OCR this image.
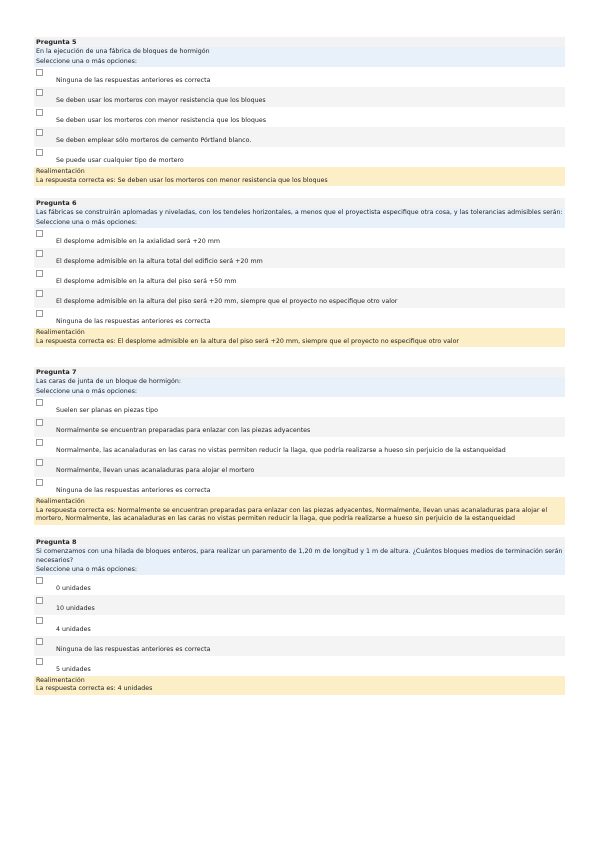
Pregunta 5
En la ejecución de una fábrica de bloques de hormigón
Seleccione una o más opciones:
Ninguna de las respuestas anteriores es correcta
Se deben usar los morteros con mayor resistencia que los bloques
Se deben usar los morteros con menor resistencia que los bloques
Se deben emplear sólo morteros de cemento Pórtland blanco.
Se puede usar cualquier tipo de mortero
Realimentación
La respuesta correcta es: Se deben usar los morteros con menor resistencia que los bloques
Pregunta 6
Las fábricas se construirán aplomadas y niveladas, con los tendeles horizontales, a menos que el proyectista especifique otra cosa, y las tolerancias admisibles serán:
Seleccione una o más opciones:
El desplome admisible en la axialidad será +20 mm
El desplome admisible en la altura total del edificio será +20 mm
El desplome admisible en la altura del piso será +50 mm
El desplome admisible en la altura del piso será +20 mm, siempre que el proyecto no especifique otro valor
Ninguna de las respuestas anteriores es correcta
Realimentación
La respuesta correcta es: El desplome admisible en la altura del piso será +20 mm, siempre que el proyecto no especifique otro valor
Pregunta 7
Las caras de junta de un bloque de hormigón:
Seleccione una o más opciones:
Suelen ser planas en piezas tipo
Normalmente se encuentran preparadas para enlazar con las piezas adyacentes
Normalmente, las acanaladuras en las caras no vistas permiten reducir la llaga, que podría realizarse a hueso sin perjuicio de la estanqueidad
Normalmente, llevan unas acanaladuras para alojar el mortero
Ninguna de las respuestas anteriores es correcta
Realimentación
La respuesta correcta es: Normalmente se encuentran preparadas para enlazar con las piezas adyacentes, Normalmente, llevan unas acanaladuras para alojar el mortero, Normalmente, las acanaladuras en las caras no vistas permiten reducir la llaga, que podría realizarse a hueso sin perjuicio de la estanqueidad
Pregunta 8
Si comenzamos con una hilada de bloques enteros, para realizar un paramento de 1,20 m de longitud y 1 m de altura. ¿Cuántos bloques medios de terminación serán necesarios?
Seleccione una o más opciones:
0 unidades
10 unidades
4 unidades
Ninguna de las respuestas anteriores es correcta
5 unidades
Realimentación
La respuesta correcta es: 4 unidades
